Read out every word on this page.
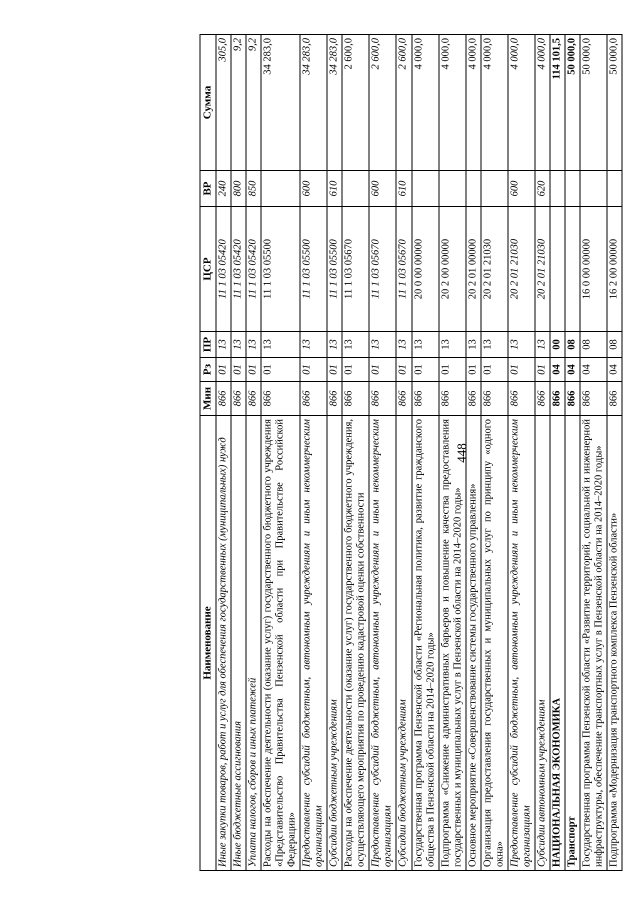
448
Наименование	Мин	Рз	ПР	ЦСР	ВР	Сумма
Иные закупки товаров, работ и услуг для обеспечения государственных (муниципальных) нужд	866	01	13	11 1 03 05420	240	305,0
Иные бюджетные ассигнования	866	01	13	11 1 03 05420	800	9,2
Уплата налогов, сборов и иных платежей	866	01	13	11 1 03 05420	850	9,2
Расходы на обеспечение деятельности (оказание услуг) государственного бюджетного учреждения «Представительство Правительства Пензенской области при Правительстве Российской Федерации»	866	01	13	11 1 03 05500		34 283,0
Предоставление субсидий бюджетным, автономным учреждениям и иным некоммерческим организациям	866	01	13	11 1 03 05500	600	34 283,0
Субсидии бюджетным учреждениям	866	01	13	11 1 03 05500	610	34 283,0
Расходы на обеспечение деятельности (оказание услуг) государственного бюджетного учреждения, осуществляющего мероприятия по проведению кадастровой оценки собственности	866	01	13	11 1 03 05670		2 600,0
Предоставление субсидий бюджетным, автономным учреждениям и иным некоммерческим организациям	866	01	13	11 1 03 05670	600	2 600,0
Субсидии бюджетным учреждениям	866	01	13	11 1 03 05670	610	2 600,0
Государственная программа Пензенской области «Региональная политика, развитие гражданского общества в Пензенской области на 2014–2020 годы»	866	01	13	20 0 00 00000		4 000,0
Подпрограмма «Снижение административных барьеров и повышение качества предоставления государственных и муниципальных услуг в Пензенской области на 2014–2020 годы»	866	01	13	20 2 00 00000		4 000,0
Основное мероприятие «Совершенствование системы государственного управления»	866	01	13	20 2 01 00000		4 000,0
Организация предоставления государственных и муниципальных услуг по принципу «одного окна»	866	01	13	20 2 01 21030		4 000,0
Предоставление субсидий бюджетным, автономным учреждениям и иным некоммерческим организациям	866	01	13	20 2 01 21030	600	4 000,0
Субсидии автономным учреждениям	866	01	13	20 2 01 21030	620	4 000,0
НАЦИОНАЛЬНАЯ ЭКОНОМИКА	866	04	00			114 101,5
Транспорт	866	04	08			50 000,0
Государственная программа Пензенской области «Развитие территорий, социальной и инженерной инфраструктуры, обеспечение транспортных услуг в Пензенской области на 2014–2020 годы»	866	04	08	16 0 00 00000		50 000,0
Подпрограмма «Модернизация транспортного комплекса Пензенской области»	866	04	08	16 2 00 00000		50 000,0
